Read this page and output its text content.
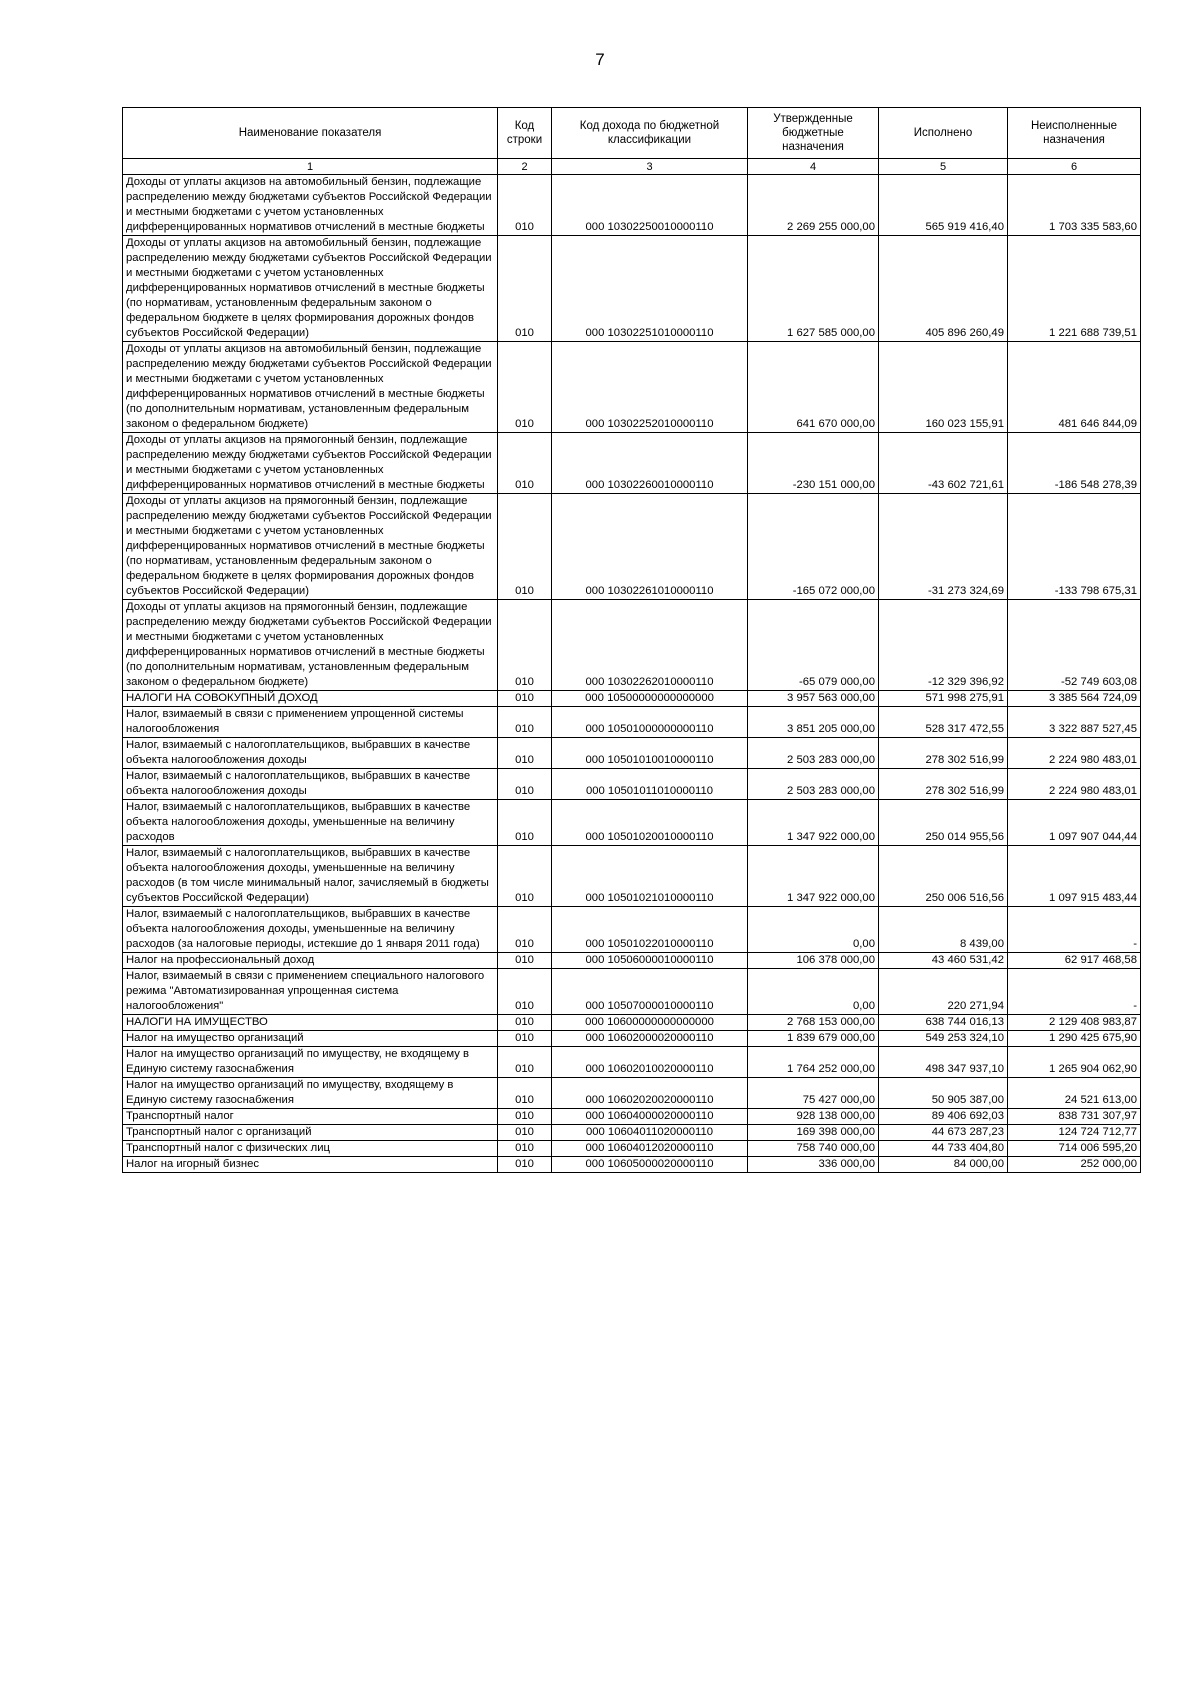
7
Наименование показателя	Код строки	Код дохода по бюджетной классификации	Утвержденные бюджетные назначения	Исполнено	Неисполненные назначения
1	2	3	4	5	6
Доходы от уплаты акцизов на автомобильный бензин, подлежащие распределению между бюджетами субъектов Российской Федерации и местными бюджетами с учетом установленных дифференцированных нормативов отчислений в местные бюджеты	010	000 10302250010000110	2 269 255 000,00	565 919 416,40	1 703 335 583,60
Доходы от уплаты акцизов на автомобильный бензин, подлежащие распределению между бюджетами субъектов Российской Федерации и местными бюджетами с учетом установленных дифференцированных нормативов отчислений в местные бюджеты (по нормативам, установленным федеральным законом о федеральном бюджете в целях формирования дорожных фондов субъектов Российской Федерации)	010	000 10302251010000110	1 627 585 000,00	405 896 260,49	1 221 688 739,51
Доходы от уплаты акцизов на автомобильный бензин, подлежащие распределению между бюджетами субъектов Российской Федерации и местными бюджетами с учетом установленных дифференцированных нормативов отчислений в местные бюджеты (по дополнительным нормативам, установленным федеральным законом о федеральном бюджете)	010	000 10302252010000110	641 670 000,00	160 023 155,91	481 646 844,09
Доходы от уплаты акцизов на прямогонный бензин, подлежащие распределению между бюджетами субъектов Российской Федерации и местными бюджетами с учетом установленных дифференцированных нормативов отчислений в местные бюджеты	010	000 10302260010000110	-230 151 000,00	-43 602 721,61	-186 548 278,39
Доходы от уплаты акцизов на прямогонный бензин, подлежащие распределению между бюджетами субъектов Российской Федерации и местными бюджетами с учетом установленных дифференцированных нормативов отчислений в местные бюджеты (по нормативам, установленным федеральным законом о федеральном бюджете в целях формирования дорожных фондов субъектов Российской Федерации)	010	000 10302261010000110	-165 072 000,00	-31 273 324,69	-133 798 675,31
Доходы от уплаты акцизов на прямогонный бензин, подлежащие распределению между бюджетами субъектов Российской Федерации и местными бюджетами с учетом установленных дифференцированных нормативов отчислений в местные бюджеты (по дополнительным нормативам, установленным федеральным законом о федеральном бюджете)	010	000 10302262010000110	-65 079 000,00	-12 329 396,92	-52 749 603,08
НАЛОГИ НА СОВОКУПНЫЙ ДОХОД	010	000 10500000000000000	3 957 563 000,00	571 998 275,91	3 385 564 724,09
Налог, взимаемый в связи с применением упрощенной системы налогообложения	010	000 10501000000000110	3 851 205 000,00	528 317 472,55	3 322 887 527,45
Налог, взимаемый с налогоплательщиков, выбравших в качестве объекта налогообложения доходы	010	000 10501010010000110	2 503 283 000,00	278 302 516,99	2 224 980 483,01
Налог, взимаемый с налогоплательщиков, выбравших в качестве объекта налогообложения доходы	010	000 10501011010000110	2 503 283 000,00	278 302 516,99	2 224 980 483,01
Налог, взимаемый с налогоплательщиков, выбравших в качестве объекта налогообложения доходы, уменьшенные на величину расходов	010	000 10501020010000110	1 347 922 000,00	250 014 955,56	1 097 907 044,44
Налог, взимаемый с налогоплательщиков, выбравших в качестве объекта налогообложения доходы, уменьшенные на величину расходов (в том числе минимальный налог, зачисляемый в бюджеты субъектов Российской Федерации)	010	000 10501021010000110	1 347 922 000,00	250 006 516,56	1 097 915 483,44
Налог, взимаемый с налогоплательщиков, выбравших в качестве объекта налогообложения доходы, уменьшенные на величину расходов (за налоговые периоды, истекшие до 1 января 2011 года)	010	000 10501022010000110	0,00	8 439,00	-
Налог на профессиональный доход	010	000 10506000010000110	106 378 000,00	43 460 531,42	62 917 468,58
Налог, взимаемый в связи с применением специального налогового режима "Автоматизированная упрощенная система налогообложения"	010	000 10507000010000110	0,00	220 271,94	-
НАЛОГИ НА ИМУЩЕСТВО	010	000 10600000000000000	2 768 153 000,00	638 744 016,13	2 129 408 983,87
Налог на имущество организаций	010	000 10602000020000110	1 839 679 000,00	549 253 324,10	1 290 425 675,90
Налог на имущество организаций по имуществу, не входящему в Единую систему газоснабжения	010	000 10602010020000110	1 764 252 000,00	498 347 937,10	1 265 904 062,90
Налог на имущество организаций по имуществу, входящему в Единую систему газоснабжения	010	000 10602020020000110	75 427 000,00	50 905 387,00	24 521 613,00
Транспортный налог	010	000 10604000020000110	928 138 000,00	89 406 692,03	838 731 307,97
Транспортный налог с организаций	010	000 10604011020000110	169 398 000,00	44 673 287,23	124 724 712,77
Транспортный налог с физических лиц	010	000 10604012020000110	758 740 000,00	44 733 404,80	714 006 595,20
Налог на игорный бизнес	010	000 10605000020000110	336 000,00	84 000,00	252 000,00
